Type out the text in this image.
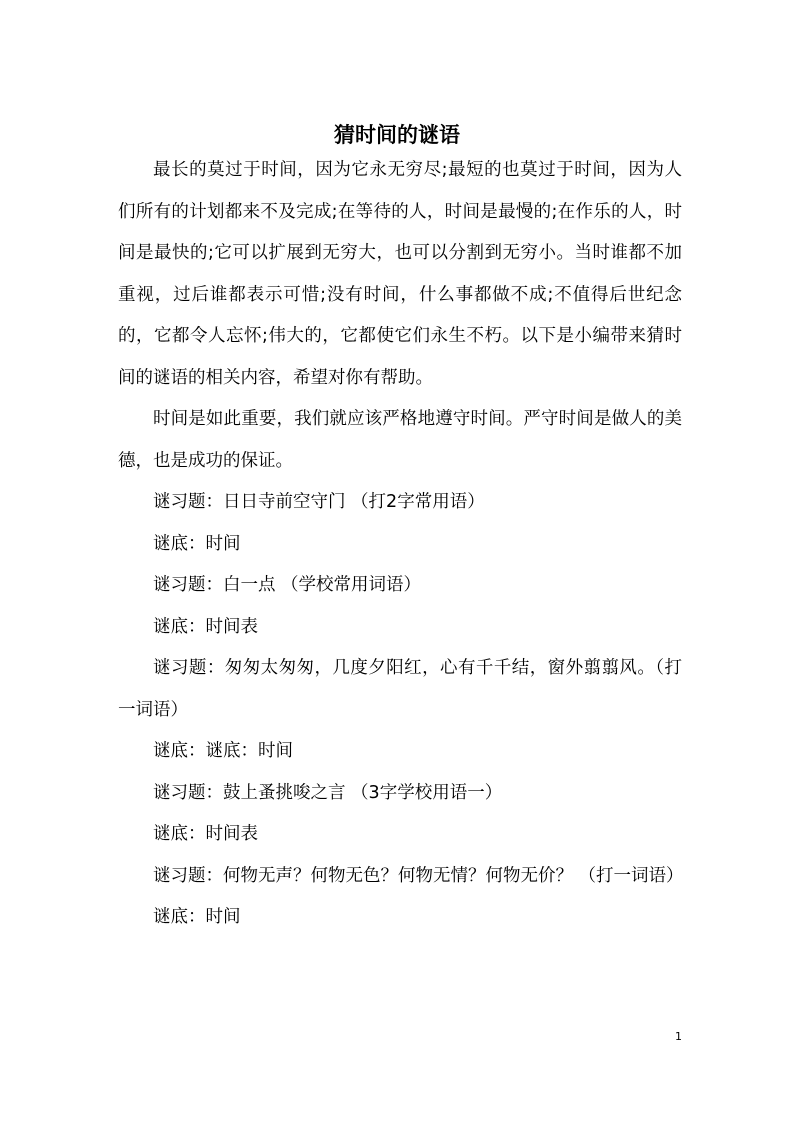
猜时间的谜语

最长的莫过于时间，因为它永无穷尽;最短的也莫过于时间，因为人们所有的计划都来不及完成;在等待的人，时间是最慢的;在作乐的人，时间是最快的;它可以扩展到无穷大，也可以分割到无穷小。当时谁都不加重视，过后谁都表示可惜;没有时间，什么事都做不成;不值得后世纪念的，它都令人忘怀;伟大的，它都使它们永生不朽。以下是小编带来猜时间的谜语的相关内容，希望对你有帮助。

时间是如此重要，我们就应该严格地遵守时间。严守时间是做人的美德，也是成功的保证。

谜习题：日日寺前空守门 （打2字常用语）

谜底：时间

谜习题：白一点 （学校常用词语）

谜底：时间表

谜习题：匆匆太匆匆，几度夕阳红，心有千千结，窗外翦翦风。（打一词语）

谜底：谜底：时间

谜习题：鼓上蚤挑唆之言 （3字学校用语一）

谜底：时间表

谜习题：何物无声？何物无色？何物无情？何物无价？ （打一词语）

谜底：时间

1
